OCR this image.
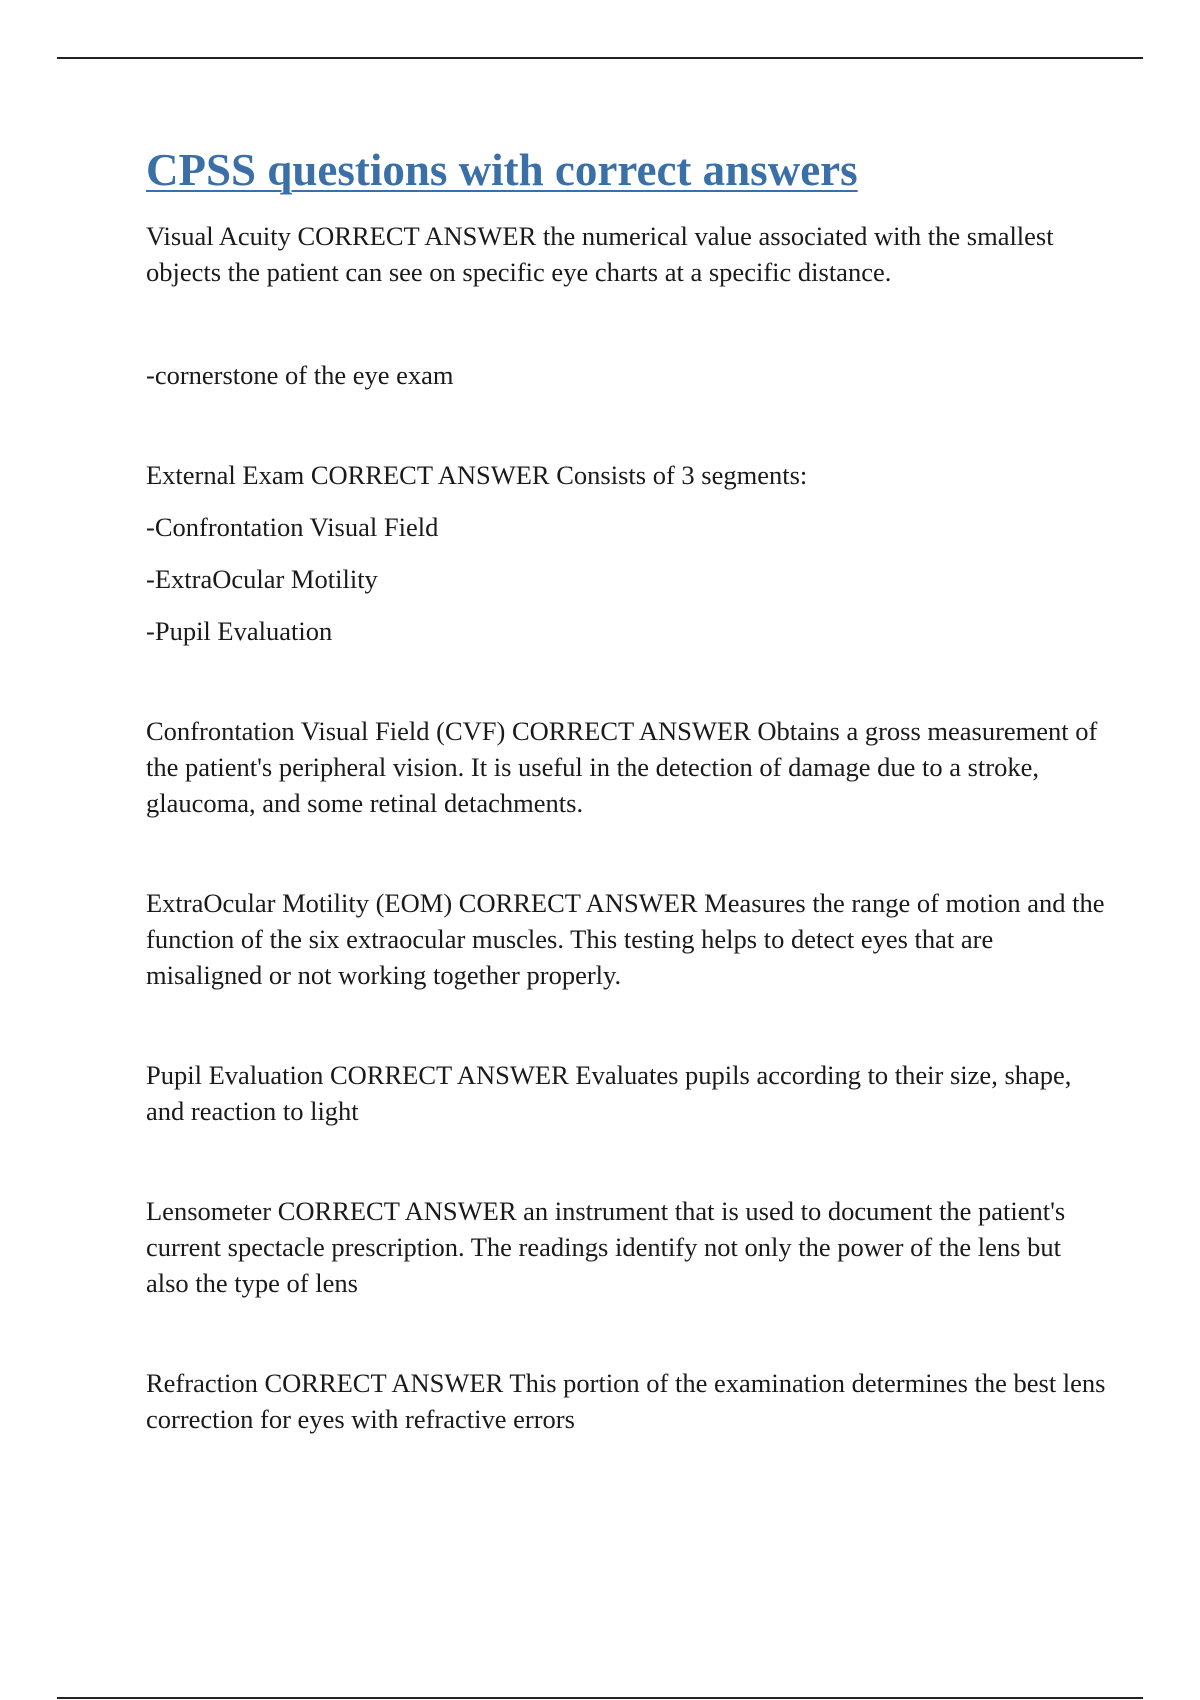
CPSS questions with correct answers

Visual Acuity CORRECT ANSWER the numerical value associated with the smallest objects the patient can see on specific eye charts at a specific distance.

-cornerstone of the eye exam

External Exam CORRECT ANSWER Consists of 3 segments:

-Confrontation Visual Field

-ExtraOcular Motility

-Pupil Evaluation

Confrontation Visual Field (CVF) CORRECT ANSWER Obtains a gross measurement of the patient's peripheral vision. It is useful in the detection of damage due to a stroke, glaucoma, and some retinal detachments.

ExtraOcular Motility (EOM) CORRECT ANSWER Measures the range of motion and the function of the six extraocular muscles. This testing helps to detect eyes that are misaligned or not working together properly.

Pupil Evaluation CORRECT ANSWER Evaluates pupils according to their size, shape, and reaction to light

Lensometer CORRECT ANSWER an instrument that is used to document the patient's current spectacle prescription. The readings identify not only the power of the lens but also the type of lens

Refraction CORRECT ANSWER This portion of the examination determines the best lens correction for eyes with refractive errors
